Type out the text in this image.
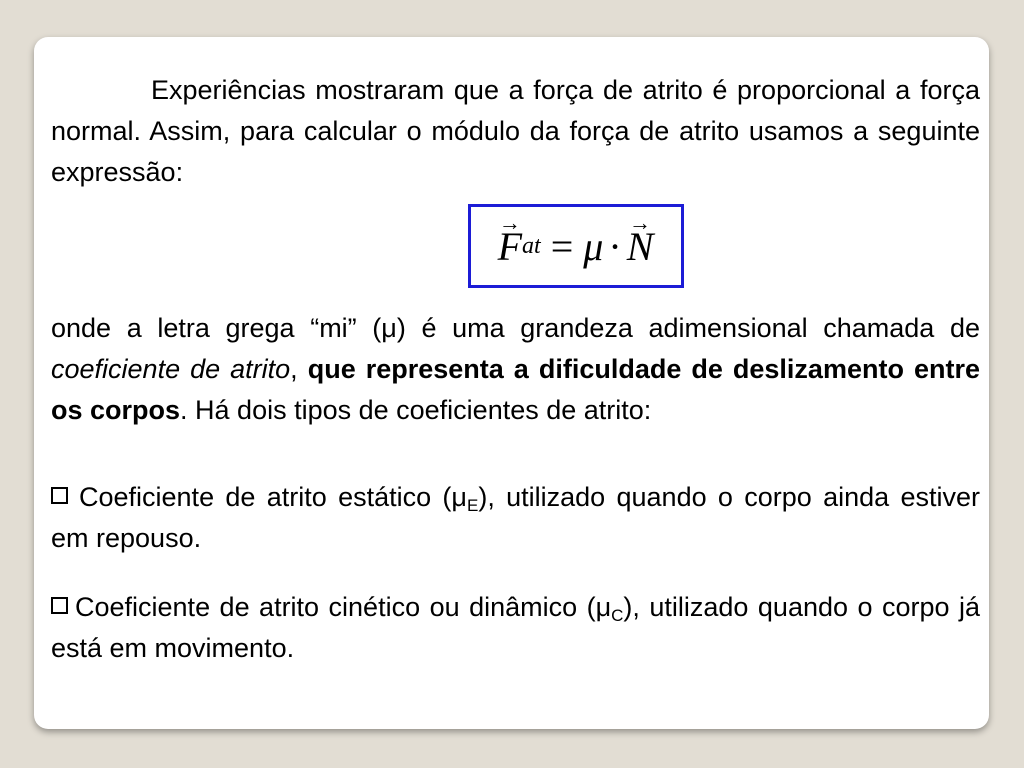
Experiências mostraram que a força de atrito é proporcional a força normal. Assim, para calcular o módulo da força de atrito usamos a seguinte expressão:

→ F at = μ ·
→ N

onde a letra grega “mi” (μ) é uma grandeza adimensional chamada de coeficiente de atrito, que representa a dificuldade de deslizamento entre os corpos. Há dois tipos de coeficientes de atrito:

Coeficiente de atrito estático $(\mu_E)$, utilizado quando o corpo ainda estiver em repouso.

Coeficiente de atrito cinético ou dinâmico $(\mu_C)$, utilizado quando o corpo já está em movimento.
